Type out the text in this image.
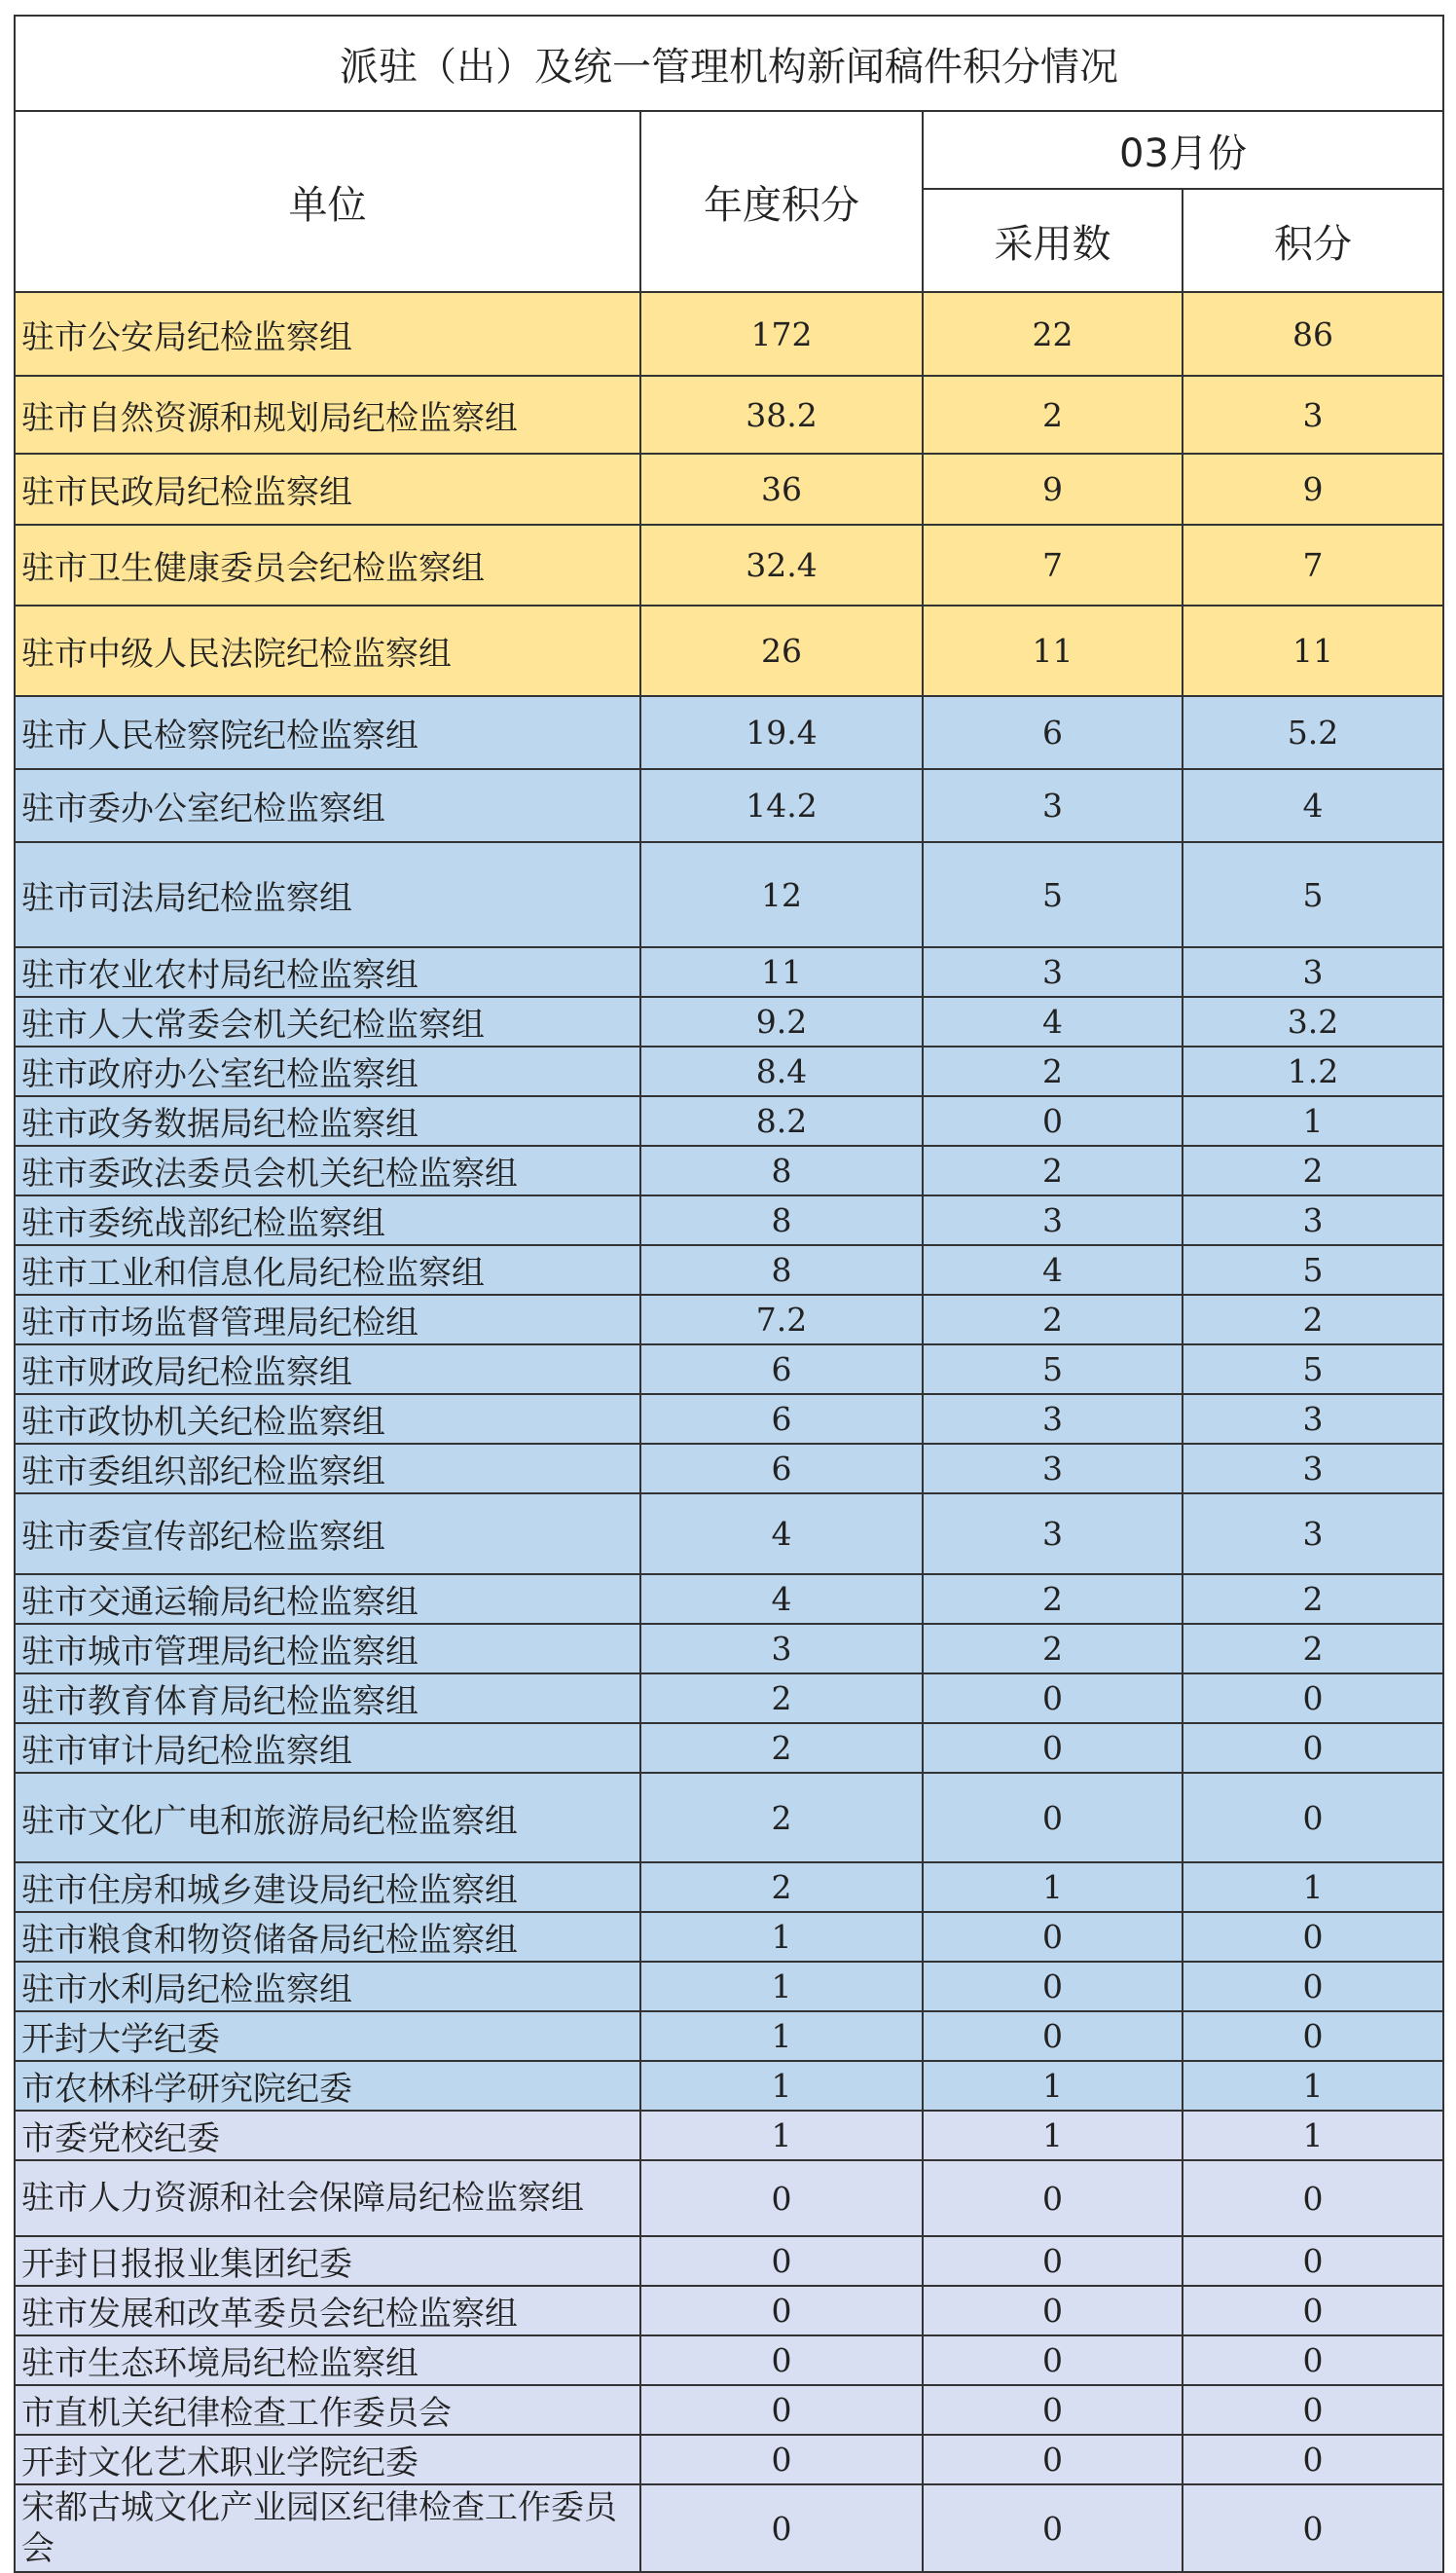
派驻（出）及统一管理机构新闻稿件积分情况			
单位	年度积分	03月份	
		采用数	积分
驻市公安局纪检监察组	172	22	86
驻市自然资源和规划局纪检监察组	38.2	2	3
驻市民政局纪检监察组	36	9	9
驻市卫生健康委员会纪检监察组	32.4	7	7
驻市中级人民法院纪检监察组	26	11	11
驻市人民检察院纪检监察组	19.4	6	5.2
驻市委办公室纪检监察组	14.2	3	4
驻市司法局纪检监察组	12	5	5
驻市农业农村局纪检监察组	11	3	3
驻市人大常委会机关纪检监察组	9.2	4	3.2
驻市政府办公室纪检监察组	8.4	2	1.2
驻市政务数据局纪检监察组	8.2	0	1
驻市委政法委员会机关纪检监察组	8	2	2
驻市委统战部纪检监察组	8	3	3
驻市工业和信息化局纪检监察组	8	4	5
驻市市场监督管理局纪检组	7.2	2	2
驻市财政局纪检监察组	6	5	5
驻市政协机关纪检监察组	6	3	3
驻市委组织部纪检监察组	6	3	3
驻市委宣传部纪检监察组	4	3	3
驻市交通运输局纪检监察组	4	2	2
驻市城市管理局纪检监察组	3	2	2
驻市教育体育局纪检监察组	2	0	0
驻市审计局纪检监察组	2	0	0
驻市文化广电和旅游局纪检监察组	2	0	0
驻市住房和城乡建设局纪检监察组	2	1	1
驻市粮食和物资储备局纪检监察组	1	0	0
驻市水利局纪检监察组	1	0	0
开封大学纪委	1	0	0
市农林科学研究院纪委	1	1	1
市委党校纪委	1	1	1
驻市人力资源和社会保障局纪检监察组	0	0	0
开封日报报业集团纪委	0	0	0
驻市发展和改革委员会纪检监察组	0	0	0
驻市生态环境局纪检监察组	0	0	0
市直机关纪律检查工作委员会	0	0	0
开封文化艺术职业学院纪委	0	0	0
宋都古城文化产业园区纪律检查工作委员会	0	0	0
